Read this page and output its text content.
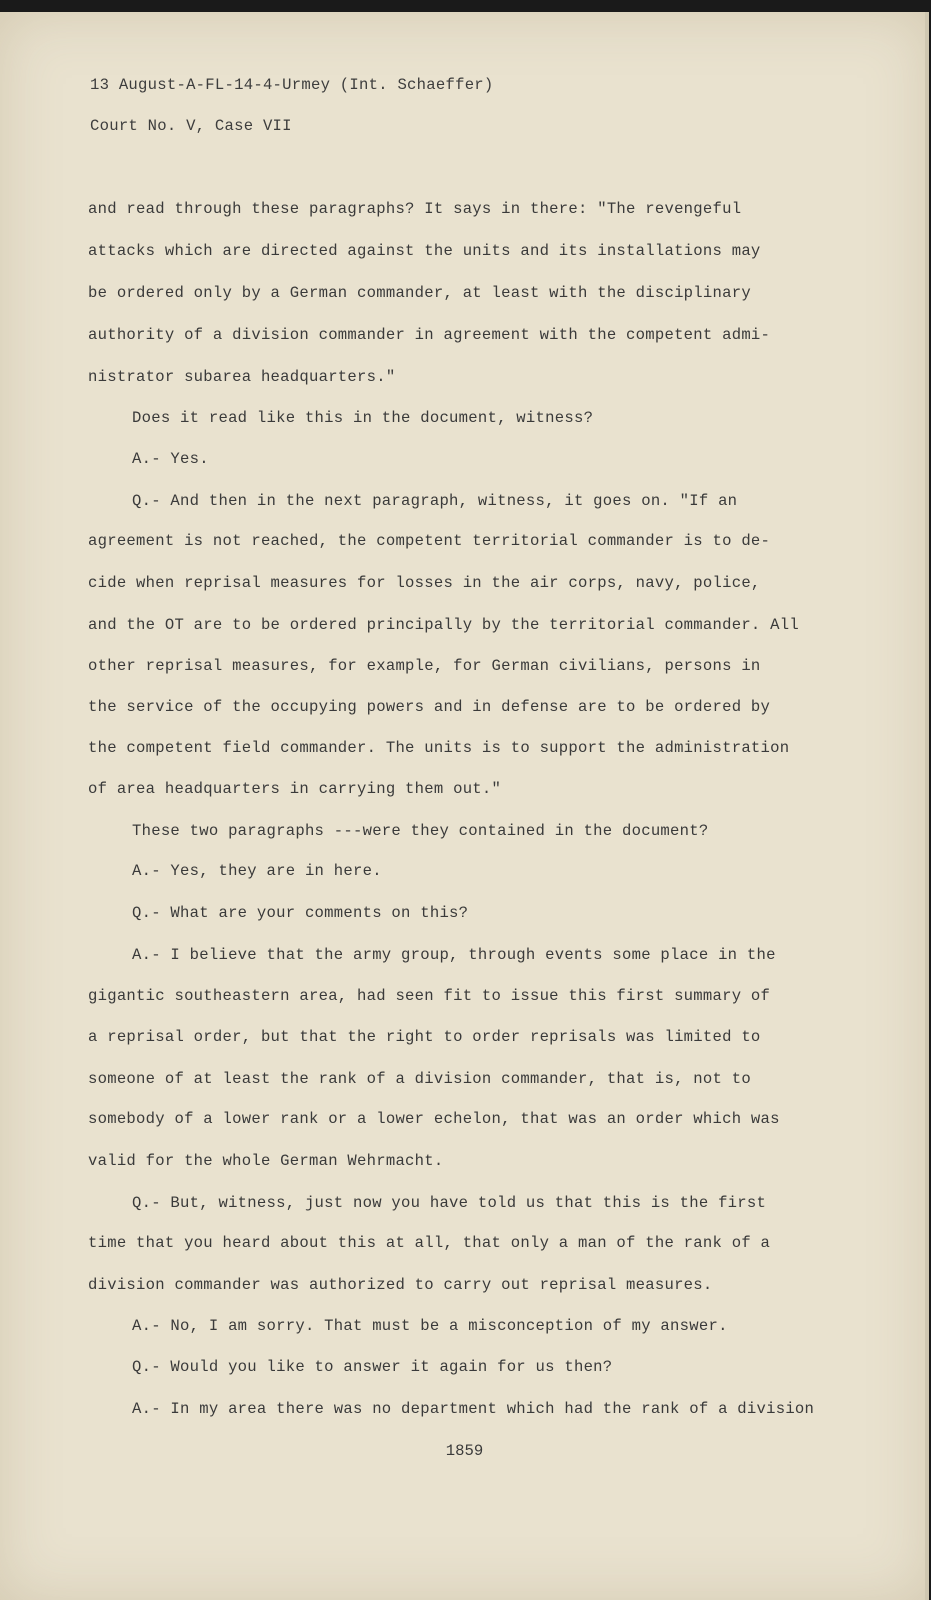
13 August-A-FL-14-4-Urmey (Int. Schaeffer)
Court No. V, Case VII
and read through these paragraphs? It says in there: "The revengeful
attacks which are directed against the units and its installations may
be ordered only by a German commander, at least with the disciplinary
authority of a division commander in agreement with the competent admi-
nistrator subarea headquarters."
Does it read like this in the document, witness?
A.- Yes.
Q.- And then in the next paragraph, witness, it goes on. "If an
agreement is not reached, the competent territorial commander is to de-
cide when reprisal measures for losses in the air corps, navy, police,
and the OT are to be ordered principally by the territorial commander. All
other reprisal measures, for example, for German civilians, persons in
the service of the occupying powers and in defense are to be ordered by
the competent field commander. The units is to support the administration
of area headquarters in carrying them out."
These two paragraphs ---were they contained in the document?
A.- Yes, they are in here.
Q.- What are your comments on this?
A.- I believe that the army group, through events some place in the
gigantic southeastern area, had seen fit to issue this first summary of
a reprisal order, but that the right to order reprisals was limited to
someone of at least the rank of a division commander, that is, not to
somebody of a lower rank or a lower echelon, that was an order which was
valid for the whole German Wehrmacht.
Q.- But, witness, just now you have told us that this is the first
time that you heard about this at all, that only a man of the rank of a
division commander was authorized to carry out reprisal measures.
A.- No, I am sorry. That must be a misconception of my answer.
Q.- Would you like to answer it again for us then?
A.- In my area there was no department which had the rank of a division
1859
